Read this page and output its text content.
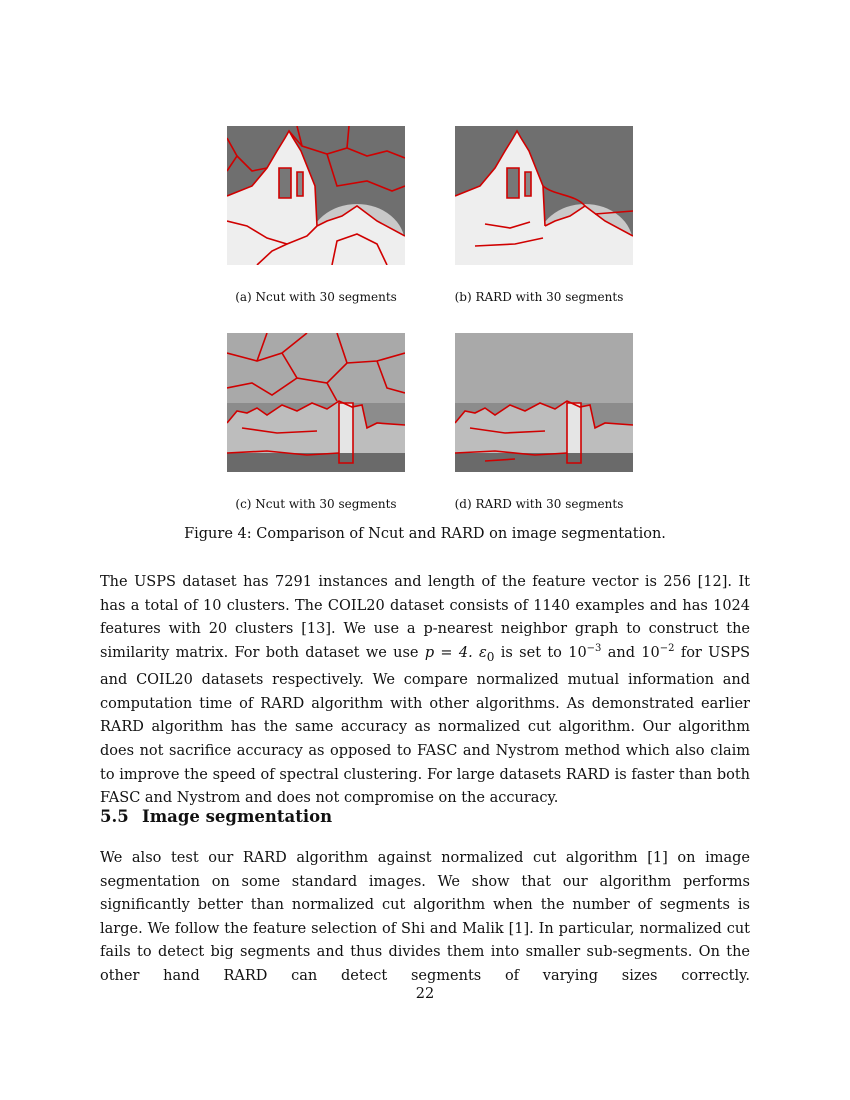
(a) Ncut with 30 segments	(b) RARD with 30 segments
(c) Ncut with 30 segments	(d) RARD with 30 segments
Figure 4: Comparison of Ncut and RARD on image segmentation.

The USPS dataset has 7291 instances and length of the feature vector is 256 [12]. It has a total of 10 clusters. The COIL20 dataset consists of 1140 examples and has 1024 features with 20 clusters [13]. We use a p-nearest neighbor graph to construct the similarity matrix. For both dataset we use p = 4. $\varepsilon_0$ is set to $10^{-3}$ and $10^{-2}$ for USPS and COIL20 datasets respectively. We compare normalized mutual information and computation time of RARD algorithm with other algorithms. As demonstrated earlier RARD algorithm has the same accuracy as normalized cut algorithm. Our algorithm does not sacrifice accuracy as opposed to FASC and Nystrom method which also claim to improve the speed of spectral clustering. For large datasets RARD is faster than both FASC and Nystrom and does not compromise on the accuracy.

5.5 Image segmentation

We also test our RARD algorithm against normalized cut algorithm [1] on image segmentation on some standard images. We show that our algorithm performs significantly better than normalized cut algorithm when the number of segments is large. We follow the feature selection of Shi and Malik [1]. In particular, normalized cut fails to detect big segments and thus divides them into smaller sub-segments. On the other hand RARD can detect segments of varying sizes correctly.

22
